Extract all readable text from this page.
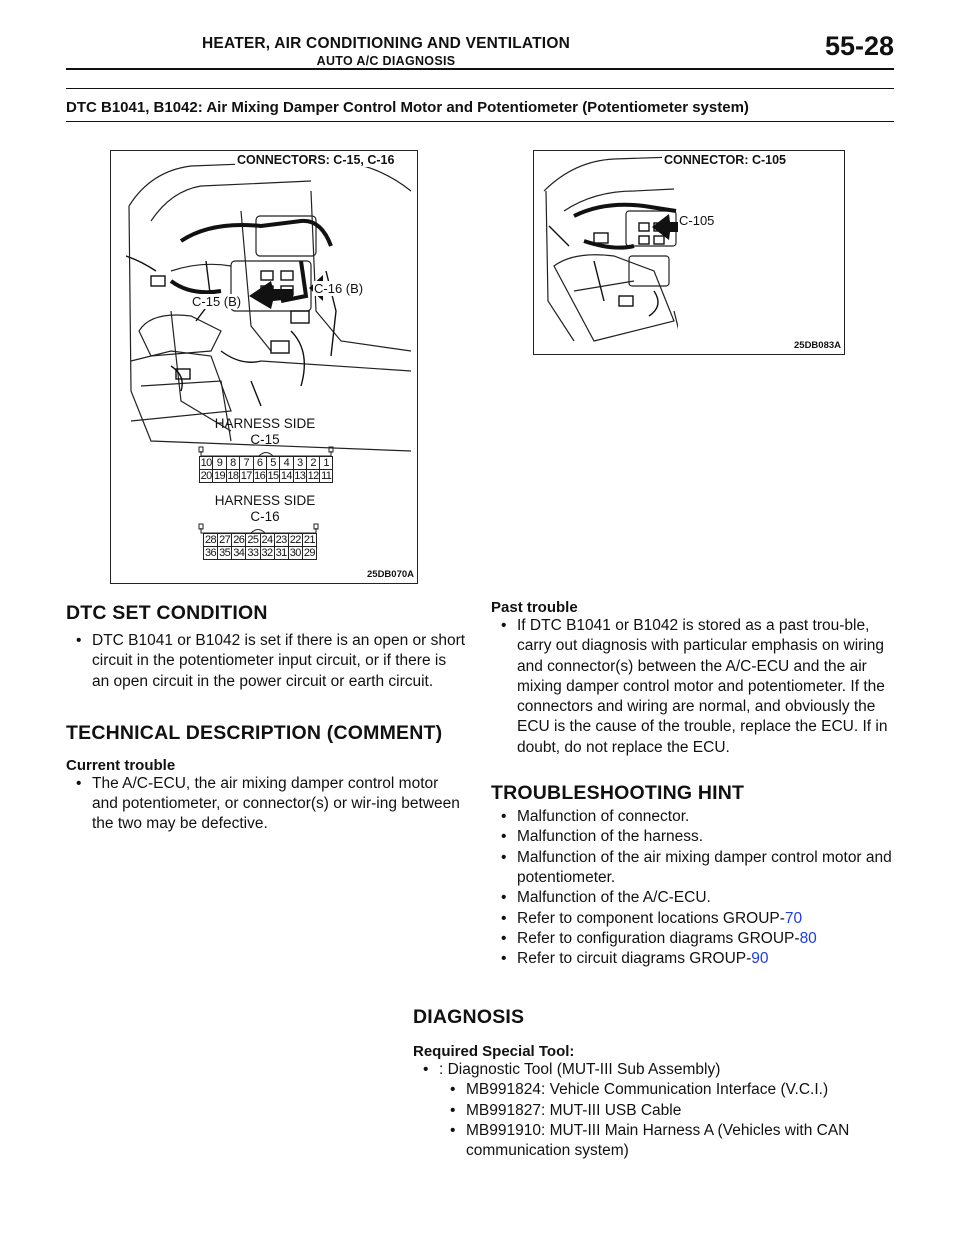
HEATER, AIR CONDITIONING AND VENTILATION
AUTO A/C DIAGNOSIS	55-28
DTC B1041, B1042: Air Mixing Damper Control Motor and Potentiometer (Potentiometer system)
CONNECTORS: C-15, C-16
C-15 (B)
C-16 (B)
HARNESS SIDE
C-15
10	9	8	7	6	5	4	3	2	1
20	19	18	17	16	15	14	13	12	11
HARNESS SIDE
C-16
28	27	26	25	24	23	22	21
36	35	34	33	32	31	30	29
25DB070A
CONNECTOR: C-105
C-105
25DB083A
DTC SET CONDITION
• DTC B1041 or B1042 is set if there is an open or short circuit in the potentiometer input circuit, or if there is an open circuit in the power circuit or earth circuit.
TECHNICAL DESCRIPTION (COMMENT)
Current trouble
• The A/C-ECU, the air mixing damper control motor and potentiometer, or connector(s) or wir-ing between the two may be defective.
Past trouble
• If DTC B1041 or B1042 is stored as a past trou-ble, carry out diagnosis with particular emphasis on wiring and connector(s) between the A/C-ECU and the air mixing damper control motor and potentiometer. If the connectors and wiring are normal, and obviously the ECU is the cause of the trouble, replace the ECU. If in doubt, do not replace the ECU.
TROUBLESHOOTING HINT
• Malfunction of connector.
• Malfunction of the harness.
• Malfunction of the air mixing damper control motor and potentiometer.
• Malfunction of the A/C-ECU.
• Refer to component locations GROUP-70
• Refer to configuration diagrams GROUP-80
• Refer to circuit diagrams GROUP-90
DIAGNOSIS
Required Special Tool:
• : Diagnostic Tool (MUT-III Sub Assembly)
• MB991824: Vehicle Communication Interface (V.C.I.)
• MB991827: MUT-III USB Cable
• MB991910: MUT-III Main Harness A (Vehicles with CAN communication system)
